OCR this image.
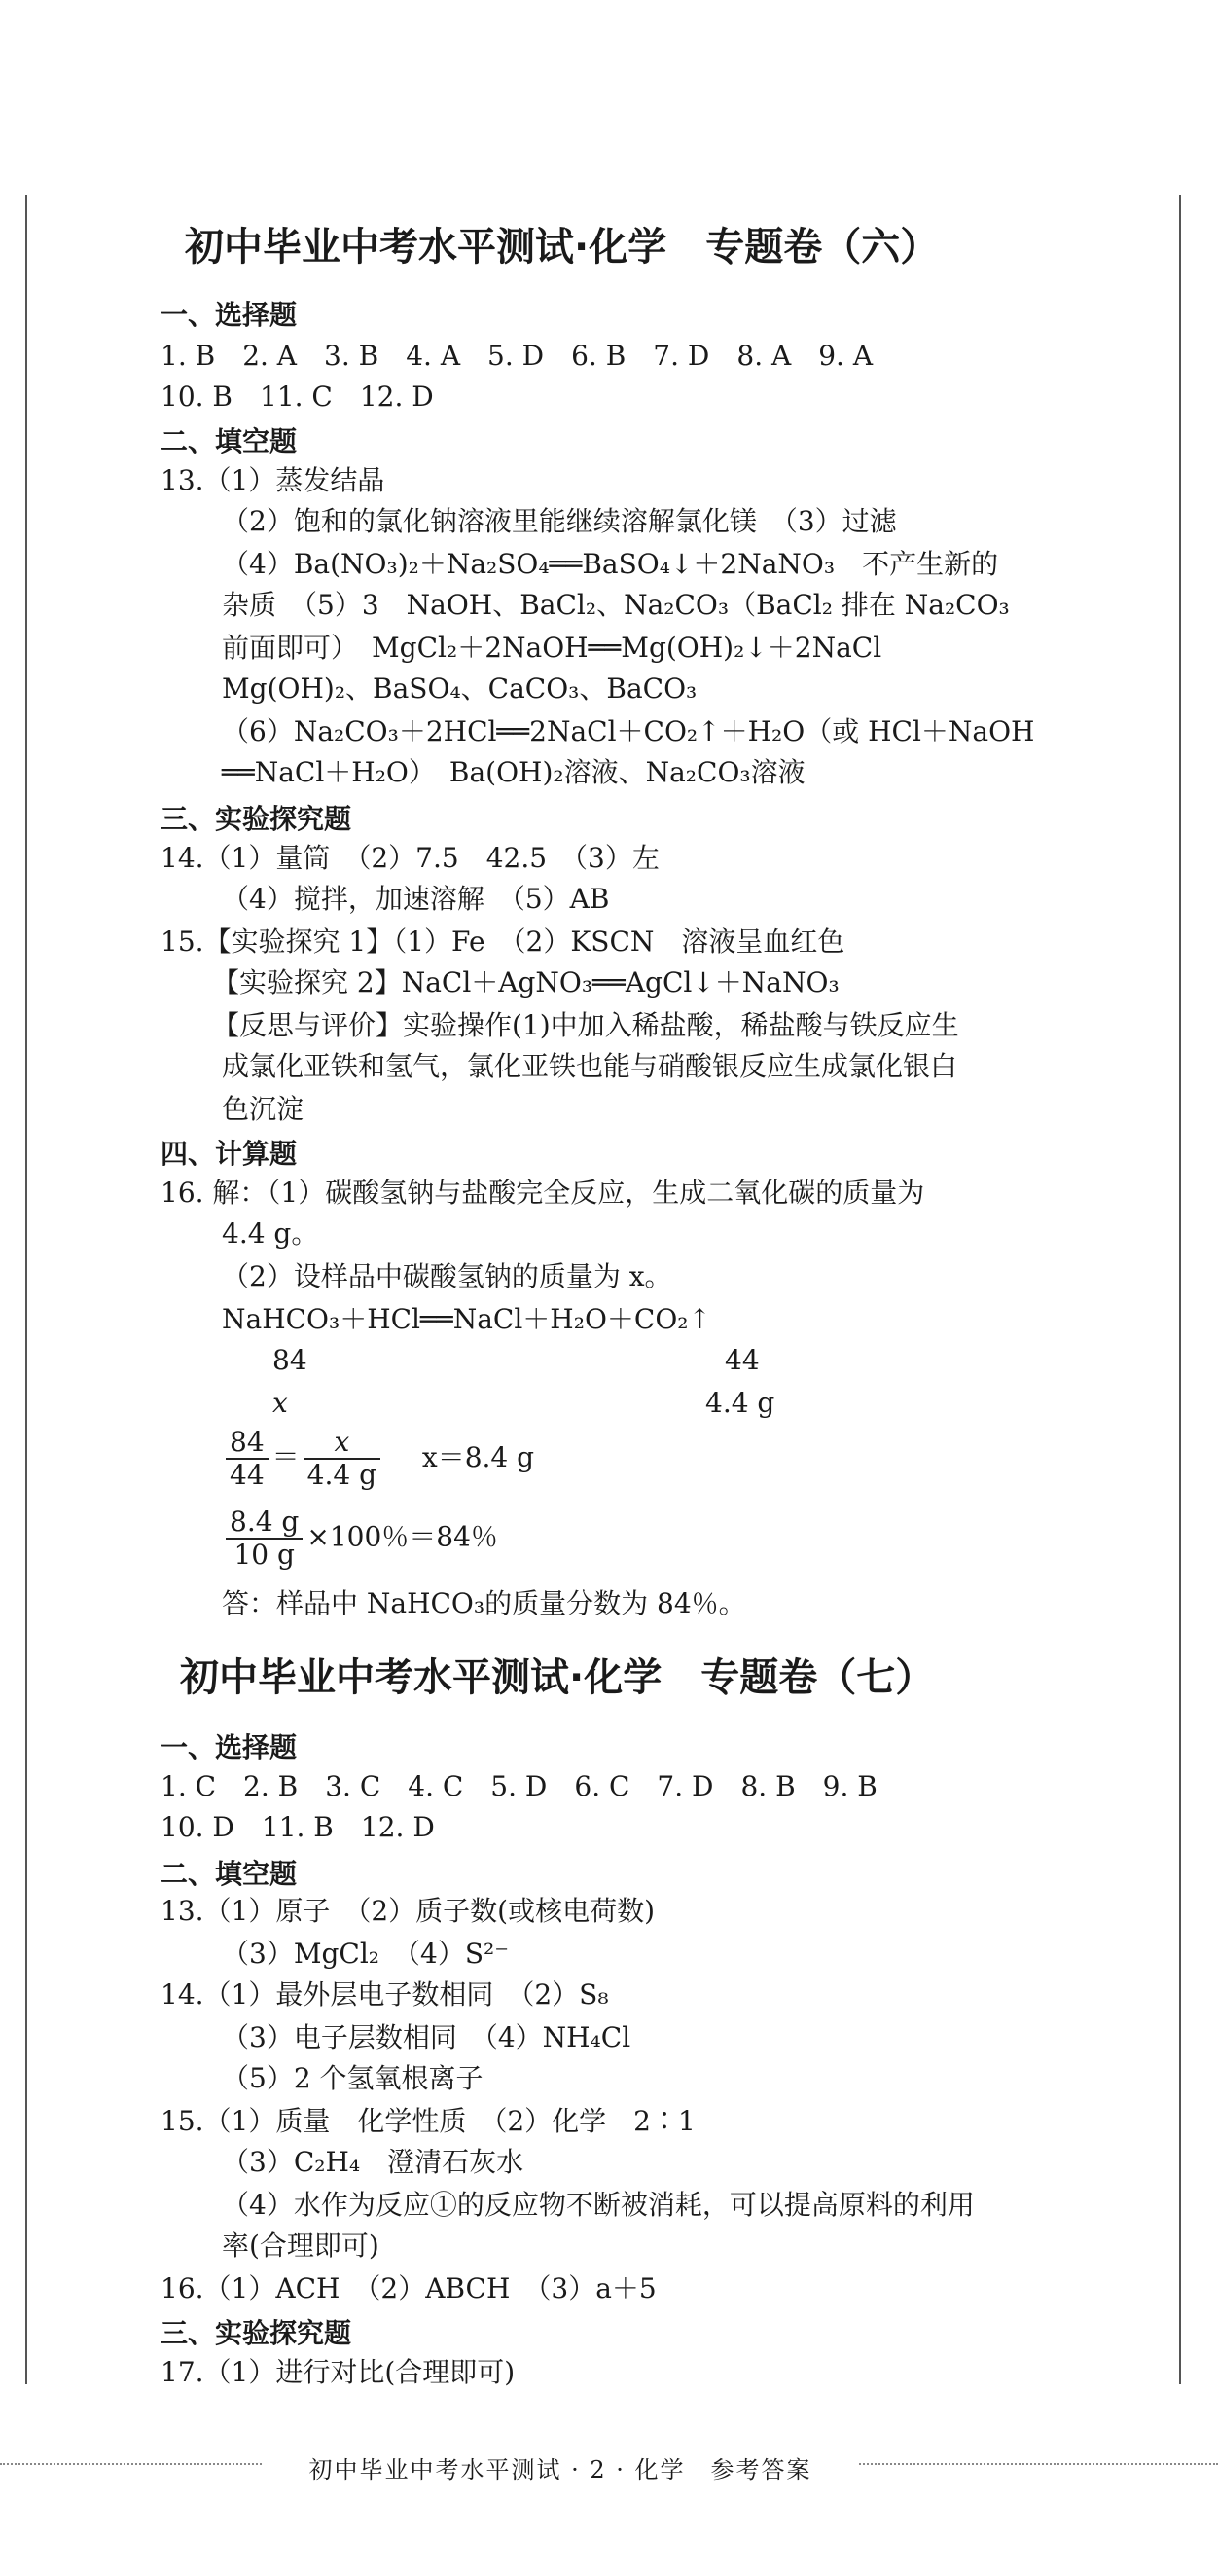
初中毕业中考水平测试·化学　专题卷（六）
一、选择题
1. B　2. A　3. B　4. A　5. D　6. B　7. D　8. A　9. A
10. B　11. C　12. D
二、填空题
13.（1）蒸发结晶
（2）饱和的氯化钠溶液里能继续溶解氯化镁　（3）过滤
（4）Ba(NO₃)₂＋Na₂SO₄══BaSO₄↓＋2NaNO₃　不产生新的
杂质　（5）3　NaOH、BaCl₂、Na₂CO₃（BaCl₂ 排在 Na₂CO₃
前面即可）　MgCl₂＋2NaOH══Mg(OH)₂↓＋2NaCl
Mg(OH)₂、BaSO₄、CaCO₃、BaCO₃
（6）Na₂CO₃＋2HCl══2NaCl＋CO₂↑＋H₂O（或 HCl＋NaOH
══NaCl＋H₂O）　Ba(OH)₂溶液、Na₂CO₃溶液
三、实验探究题
14.（1）量筒　（2）7.5　42.5　（3）左
（4）搅拌，加速溶解　（5）AB
15.【实验探究 1】（1）Fe　（2）KSCN　溶液呈血红色
【实验探究 2】NaCl＋AgNO₃══AgCl↓＋NaNO₃
【反思与评价】实验操作(1)中加入稀盐酸，稀盐酸与铁反应生
成氯化亚铁和氢气，氯化亚铁也能与硝酸银反应生成氯化银白
色沉淀
四、计算题
16. 解：（1）碳酸氢钠与盐酸完全反应，生成二氧化碳的质量为
4.4 g。
（2）设样品中碳酸氢钠的质量为 x。
NaHCO₃＋HCl══NaCl＋H₂O＋CO₂↑
84	44
x	4.4 g
$\frac{84}{44} = \frac{x}{4.4 g} x=8.4$ g
$\frac{8.4 g}{10 g} \times 100$％＝84％
答：样品中 NaHCO₃的质量分数为 84％。
初中毕业中考水平测试·化学　专题卷（七）
一、选择题
1. C　2. B　3. C　4. C　5. D　6. C　7. D　8. B　9. B
10. D　11. B　12. D
二、填空题
13.（1）原子　（2）质子数(或核电荷数)
（3）MgCl₂　（4）S²⁻
14.（1）最外层电子数相同　（2）S₈
（3）电子层数相同　（4）NH₄Cl
（5）2 个氢氧根离子
15.（1）质量　化学性质　（2）化学　2∶1
（3）C₂H₄　澄清石灰水
（4）水作为反应①的反应物不断被消耗，可以提高原料的利用
率(合理即可)
16.（1）ACH　（2）ABCH　（3）a＋5
三、实验探究题
17.（1）进行对比(合理即可)
初中毕业中考水平测试 · 2 · 化学　参考答案
